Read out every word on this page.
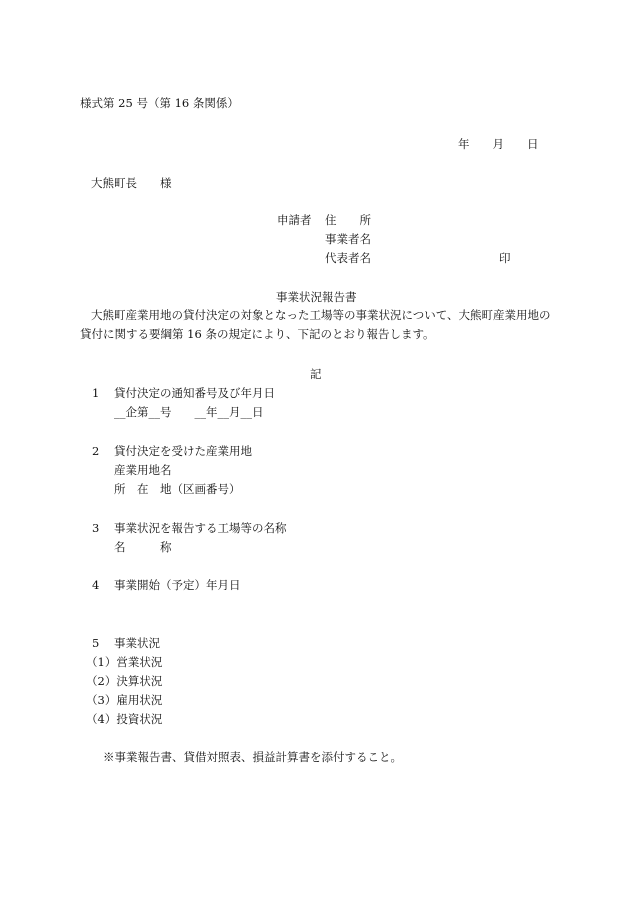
様式第 25 号（第 16 条関係）
年　　月　　日
大熊町長　　様
申請者 住　　所
事業者名
代表者名	印
事業状況報告書
大熊町産業用地の貸付決定の対象となった工場等の事業状況について、大熊町産業用地の貸付に関する要綱第 16 条の規定により、下記のとおり報告します。
記
1 貸付決定の通知番号及び年月日
__企第__号　　__年__月__日
2 貸付決定を受けた産業用地
産業用地名
所　在　地（区画番号）
3 事業状況を報告する工場等の名称
名　　　称
4 事業開始（予定）年月日
5 事業状況
（1）営業状況
（2）決算状況
（3）雇用状況
（4）投資状況
※事業報告書、貸借対照表、損益計算書を添付すること。
